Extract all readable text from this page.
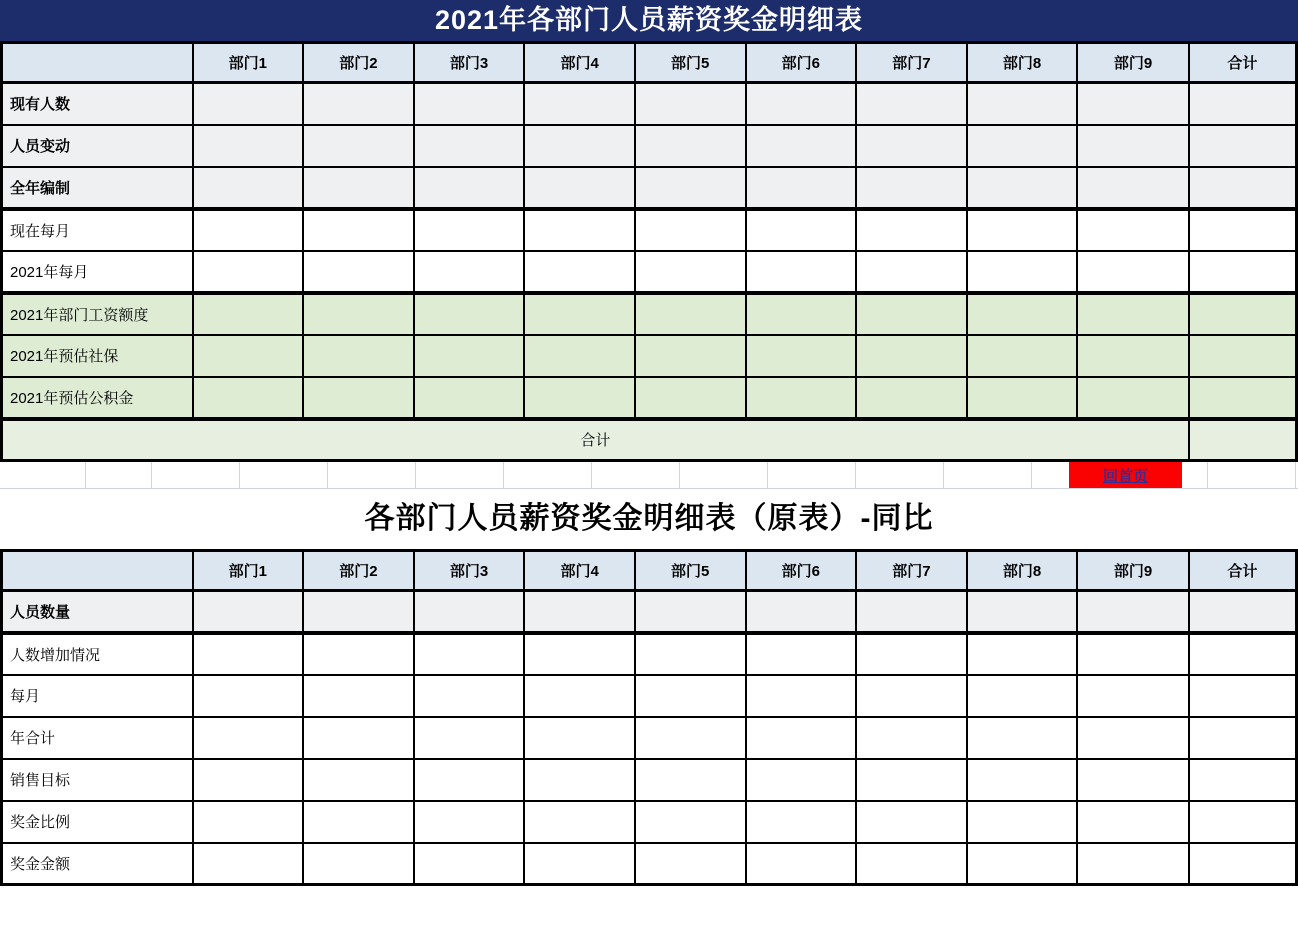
2021年各部门人员薪资奖金明细表
	部门1	部门2	部门3	部门4	部门5	部门6	部门7	部门8	部门9	合计
现有人数										
人员变动										
全年编制										
现在每月										
2021年每月										
2021年部门工资额度										
2021年预估社保										
2021年预估公积金										
合计										
回首页
各部门人员薪资奖金明细表（原表）-同比
	部门1	部门2	部门3	部门4	部门5	部门6	部门7	部门8	部门9	合计
人员数量										
人数增加情况										
每月										
年合计										
销售目标										
奖金比例										
奖金金额										
